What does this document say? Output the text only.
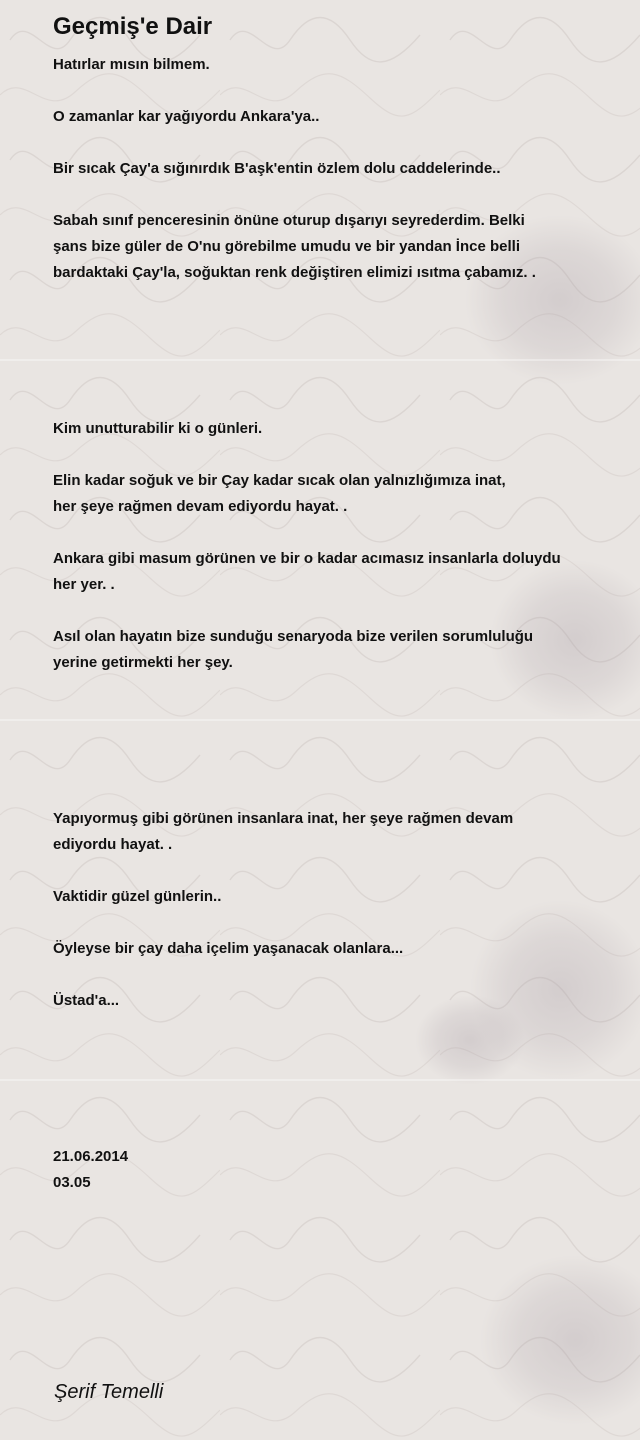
Geçmiş'e Dair
Hatırlar mısın bilmem.
O zamanlar kar yağıyordu Ankara'ya..
Bir sıcak Çay'a sığınırdık B'aşk'entin özlem dolu caddelerinde..
Sabah sınıf penceresinin önüne oturup dışarıyı seyrederdim. Belki
şans bize güler de O'nu görebilme umudu ve bir yandan İnce belli
bardaktaki Çay'la, soğuktan renk değiştiren elimizi ısıtma çabamız. .
Kim unutturabilir ki o günleri.
Elin kadar soğuk ve bir Çay kadar sıcak olan yalnızlığımıza inat,
her şeye rağmen devam ediyordu hayat. .
Ankara gibi masum görünen ve bir o kadar acımasız insanlarla doluydu
her yer. .
Asıl olan hayatın bize sunduğu senaryoda bize verilen sorumluluğu
yerine getirmekti her şey.
Yapıyormuş gibi görünen insanlara inat, her şeye rağmen devam
ediyordu hayat. .
Vaktidir güzel günlerin..
Öyleyse bir çay daha içelim yaşanacak olanlara...
Üstad'a...
21.06.2014
03.05
Şerif Temelli
